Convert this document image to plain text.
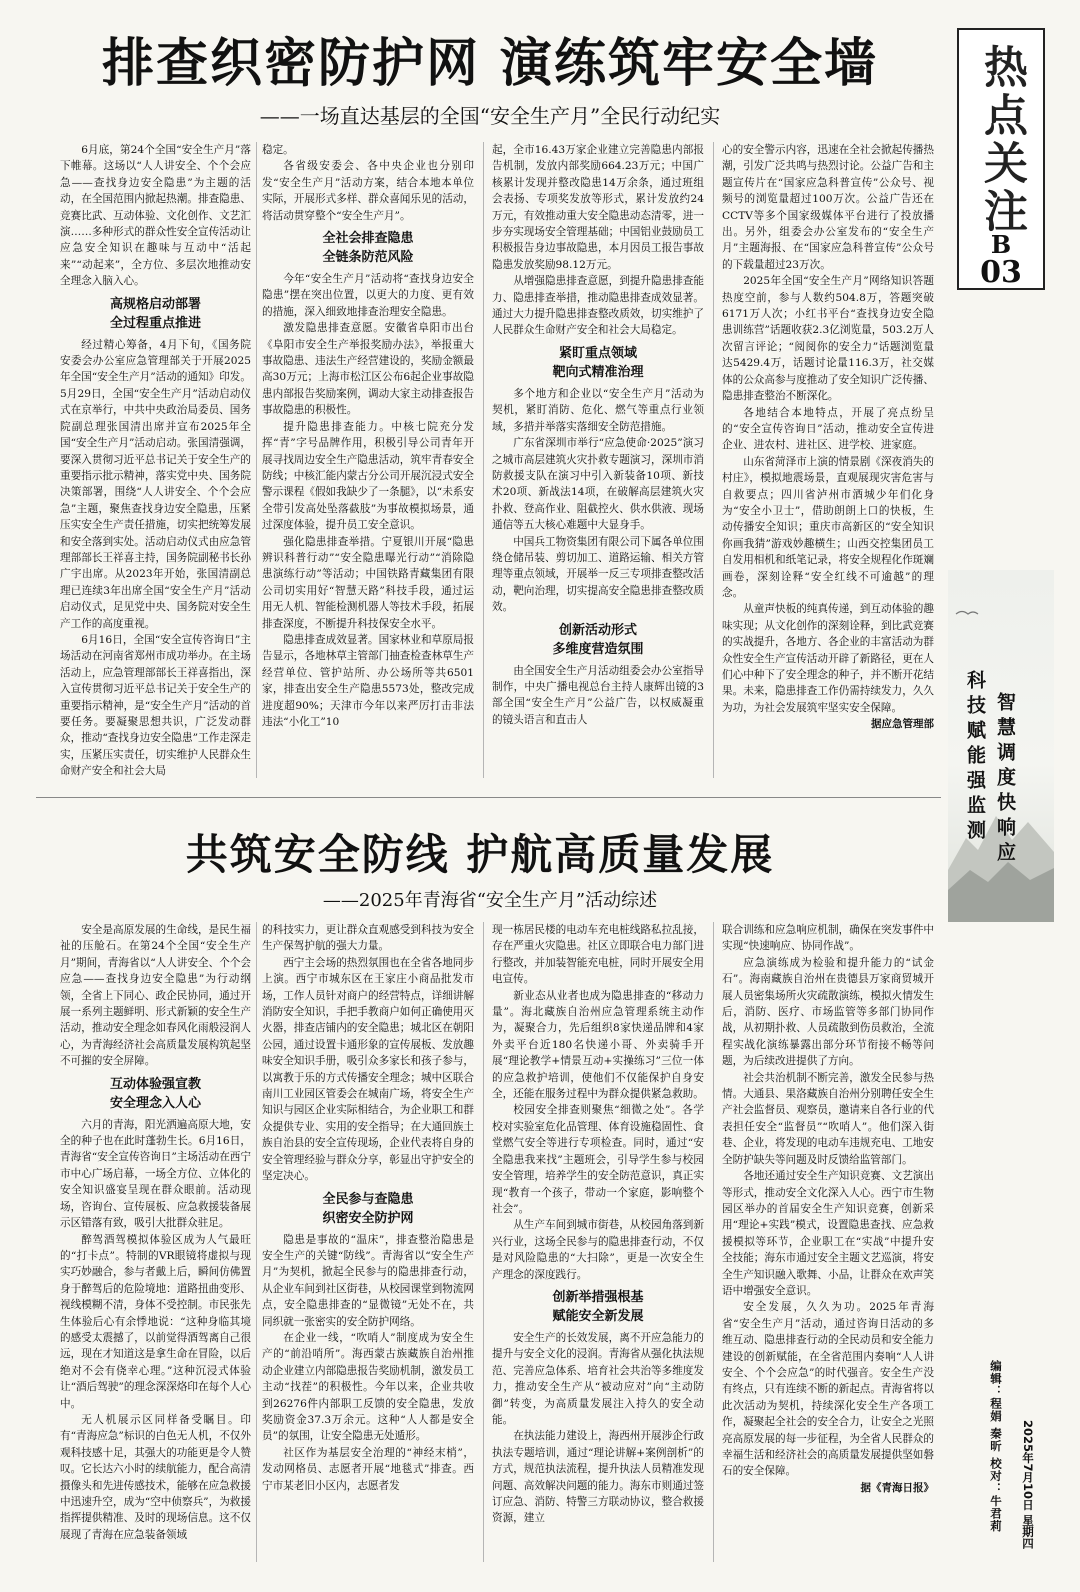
热点关注
B
03
排查织密防护网 演练筑牢安全墙
——一场直达基层的全国“安全生产月”全民行动纪实

6月底，第24个全国“安全生产月”落下帷幕。这场以“人人讲安全、个个会应急——查找身边安全隐患”为主题的活动，在全国范围内掀起热潮。排查隐患、竞赛比武、互动体验、文化创作、文艺汇演……多种形式的群众性安全宣传活动让应急安全知识在趣味与互动中“活起来”“动起来”，全方位、多层次地推动安全理念入脑入心。

高规格启动部署
全过程重点推进

经过精心筹备，4月下旬，《国务院安委会办公室应急管理部关于开展2025年全国“安全生产月”活动的通知》印发。5月29日，全国“安全生产月”活动启动仪式在京举行，中共中央政治局委员、国务院副总理张国清出席并宣布2025年全国“安全生产月”活动启动。张国清强调，要深入贯彻习近平总书记关于安全生产的重要指示批示精神，落实党中央、国务院决策部署，围绕“人人讲安全、个个会应急”主题，聚焦查找身边安全隐患，压紧压实安全生产责任措施，切实把统筹发展和安全落到实处。活动启动仪式由应急管理部部长王祥喜主持，国务院副秘书长孙广宇出席。从2023年开始，张国清副总理已连续3年出席全国“安全生产月”活动启动仪式，足见党中央、国务院对安全生产工作的高度重视。

6月16日，全国“安全宣传咨询日”主场活动在河南省郑州市成功举办。在主场活动上，应急管理部部长王祥喜指出，深入宣传贯彻习近平总书记关于安全生产的重要指示精神，是“安全生产月”活动的首要任务。要凝聚思想共识，广泛发动群众，推动“查找身边安全隐患”工作走深走实，压紧压实责任，切实维护人民群众生命财产安全和社会大局

稳定。

各省级安委会、各中央企业也分别印发“安全生产月”活动方案，结合本地本单位实际，开展形式多样、群众喜闻乐见的活动，将活动贯穿整个“安全生产月”。

全社会排查隐患
全链条防范风险

今年“安全生产月”活动将“查找身边安全隐患”摆在突出位置，以更大的力度、更有效的措施，深入细致地排查治理安全隐患。

激发隐患排查意愿。安徽省阜阳市出台《阜阳市安全生产举报奖励办法》，举报重大事故隐患、违法生产经营建设的，奖励金额最高30万元；上海市松江区公布6起企业事故隐患内部报告奖励案例，调动大家主动排查报告事故隐患的积极性。

提升隐患排查能力。中核七院充分发挥“青”字号品牌作用，积极引导公司青年开展寻找周边安全生产隐患活动，筑牢青春安全防线；中核汇能内蒙古分公司开展沉浸式安全警示课程《假如我缺少了一条腿》，以“未系安全带引发高处坠落截肢”为事故模拟场景，通过深度体验，提升员工安全意识。

强化隐患排查举措。宁夏银川开展“隐患辨识科普行动”“安全隐患曝光行动”“消除隐患演练行动”等活动；中国铁路青藏集团有限公司切实用好“智慧天路”科技手段，通过运用无人机、智能检测机器人等技术手段，拓展排查深度，不断提升科技保安全水平。

隐患排查成效显著。国家林业和草原局报告显示，各地林草主管部门抽查检查林草生产经营单位、管护站所、办公场所等共6501家，排查出安全生产隐患5573处，整改完成进度超90%；天津市今年以来严厉打击非法违法“小化工”10

起，全市16.43万家企业建立完善隐患内部报告机制，发放内部奖励664.23万元；中国广核累计发现并整改隐患14万余条，通过班组会表扬、专项奖发放等形式，累计发放约24万元，有效推动重大安全隐患动态清零，进一步夯实现场安全管理基础；中国铝业鼓励员工积极报告身边事故隐患，本月因员工报告事故隐患发放奖励98.12万元。

从增强隐患排查意愿，到提升隐患排查能力、隐患排查举措，推动隐患排查成效显著。通过大力提升隐患排查整改质效，切实维护了人民群众生命财产安全和社会大局稳定。

紧盯重点领域
靶向式精准治理

多个地方和企业以“安全生产月”活动为契机，紧盯消防、危化、燃气等重点行业领域，多措并举落实落细安全防范措施。

广东省深圳市举行“应急使命·2025”演习之城市高层建筑火灾扑救专题演习，深圳市消防救援支队在演习中引入新装备10项、新技术20项、新战法14项，在破解高层建筑火灾扑救、登高作业、阻截控火、供水供液、现场通信等五大核心难题中大显身手。

中国兵工物资集团有限公司下属各单位围绕仓储吊装、剪切加工、道路运输、相关方管理等重点领域，开展举一反三专项排查整改活动，靶向治理，切实提高安全隐患排查整改质效。

创新活动形式
多维度营造氛围

由全国安全生产月活动组委会办公室指导制作，中央广播电视总台主持人康辉出镜的3部全国“安全生产月”公益广告，以权威凝重的镜头语言和直击人

心的安全警示内容，迅速在全社会掀起传播热潮，引发广泛共鸣与热烈讨论。公益广告和主题宣传片在“国家应急科普宣传”公众号、视频号的浏览量超过100万次。公益广告还在CCTV等多个国家级媒体平台进行了投放播出。另外，组委会办公室发布的“安全生产月”主题海报、在“国家应急科普宣传”公众号的下载量超过23万次。

2025年全国“安全生产月”网络知识答题热度空前，参与人数约504.8万，答题突破6171万人次；小红书平台“查找身边安全隐患训练营”话题收获2.3亿浏览量，503.2万人次留言评论；“阅阅你的安全力”话题浏览量达5429.4万，话题讨论量116.3万，社交媒体的公众高参与度推动了安全知识广泛传播、隐患排查整治不断深化。

各地结合本地特点，开展了亮点纷呈的“安全宣传咨询日”活动，推动安全宣传进企业、进农村、进社区、进学校、进家庭。

山东省菏泽市上演的情景剧《深夜消失的村庄》，模拟地震场景，直观展现灾害危害与自救要点；四川省泸州市酒城少年们化身为“安全小卫士”，借助朗朗上口的快板，生动传播安全知识；重庆市高新区的“安全知识你画我猜”游戏妙趣横生；山西交控集团员工自发用相机和纸笔记录，将安全规程化作斑斓画卷，深刻诠释“安全红线不可逾越”的理念。

从童声快板的纯真传递，到互动体验的趣味实现；从文化创作的深刻诠释，到比武竞赛的实战提升，各地方、各企业的丰富活动为群众性安全生产宣传活动开辟了新路径，更在人们心中种下了安全理念的种子，并不断开花结果。未来，隐患排查工作仍需持续发力，久久为功，为社会发展筑牢坚实安全保障。

据应急管理部 科技赋能强监测 智慧调度快响应
共筑安全防线 护航高质量发展
——2025年青海省“安全生产月”活动综述

安全是高原发展的生命线，是民生福祉的压舱石。在第24个全国“安全生产月”期间，青海省以“人人讲安全、个个会应急——查找身边安全隐患”为行动纲领，全省上下同心、政企民协同，通过开展一系列主题鲜明、形式新颖的安全生产活动，推动安全理念如春风化雨般浸润人心，为青海经济社会高质量发展构筑起坚不可摧的安全屏障。

互动体验强宣教
安全理念入人心

六月的青海，阳光洒遍高原大地，安全的种子也在此时蓬勃生长。6月16日，青海省“安全宣传咨询日”主场活动在西宁市中心广场启幕，一场全方位、立体化的安全知识盛宴呈现在群众眼前。活动现场，咨询台、宣传展板、应急救援装备展示区错落有致，吸引大批群众驻足。

醉驾酒驾模拟体验区成为人气最旺的“打卡点”。特制的VR眼镜将虚拟与现实巧妙融合，参与者戴上后，瞬间仿佛置身于醉驾后的危险境地：道路扭曲变形、视线模糊不清，身体不受控制。市民张先生体验后心有余悸地说：“这种身临其境的感受太震撼了，以前觉得酒驾离自己很远，现在才知道这是拿生命在冒险，以后绝对不会有侥幸心理。”这种沉浸式体验让“酒后驾驶”的理念深深烙印在每个人心中。

无人机展示区同样备受瞩目。印有“青海应急”标识的白色无人机，不仅外观科技感十足，其强大的功能更是令人赞叹。它长达六小时的续航能力，配合高清摄像头和先进传感技术，能够在应急救援中迅速升空，成为“空中侦察兵”，为救援指挥提供精准、及时的现场信息。这不仅展现了青海在应急装备领域

的科技实力，更让群众直观感受到科技为安全生产保驾护航的强大力量。

西宁主会场的热烈氛围也在全省各地同步上演。西宁市城东区在王家庄小商品批发市场，工作人员针对商户的经营特点，详细讲解消防安全知识，手把手教商户如何正确使用灭火器，排查店铺内的安全隐患；城北区在朝阳公园，通过设置卡通形象的宣传展板、发放趣味安全知识手册，吸引众多家长和孩子参与，以寓教于乐的方式传播安全理念；城中区联合南川工业园区管委会在城南广场，将安全生产知识与园区企业实际相结合，为企业职工和群众提供专业、实用的安全指导；在大通回族土族自治县的安全宣传现场，企业代表将自身的安全管理经验与群众分享，彰显出守护安全的坚定决心。

全民参与查隐患
织密安全防护网

隐患是事故的“温床”，排查整治隐患是安全生产的关键“防线”。青海省以“安全生产月”为契机，掀起全民参与的隐患排查行动，从企业车间到社区街巷，从校园课堂到物流网点，安全隐患排查的“显微镜”无处不在，共同织就一张密实的安全防护网络。

在企业一线，“吹哨人”制度成为安全生产的“前沿哨所”。海西蒙古族藏族自治州推动企业建立内部隐患报告奖励机制，激发员工主动“找茬”的积极性。今年以来，企业共收到26276件内部职工反馈的安全隐患，发放奖励资金37.3万余元。这种“人人都是安全员”的氛围，让安全隐患无处遁形。

社区作为基层安全治理的“神经末梢”，发动网格员、志愿者开展“地毯式”排查。西宁市某老旧小区内，志愿者发

现一栋居民楼的电动车充电桩线路私拉乱接，存在严重火灾隐患。社区立即联合电力部门进行整改，并加装智能充电桩，同时开展安全用电宣传。

新业态从业者也成为隐患排查的“移动力量”。海北藏族自治州应急管理系统主动作为，凝聚合力，先后组织8家快递品牌和4家外卖平台近180名快递小哥、外卖骑手开展“理论教学+情景互动+实操练习”三位一体的应急救护培训，使他们不仅能保护自身安全，还能在服务过程中为群众提供紧急救助。

校园安全排查则聚焦“细微之处”。各学校对实验室危化品管理、体育设施稳固性、食堂燃气安全等进行专项检查。同时，通过“安全隐患我来找”主题班会，引导学生参与校园安全管理，培养学生的安全防范意识，真正实现“教育一个孩子，带动一个家庭，影响整个社会”。

从生产车间到城市街巷，从校园角落到新兴行业，这场全民参与的隐患排查行动，不仅是对风险隐患的“大扫除”，更是一次安全生产理念的深度践行。

创新举措强根基
赋能安全新发展

安全生产的长效发展，离不开应急能力的提升与安全文化的浸润。青海省从强化执法规范、完善应急体系、培育社会共治等多维度发力，推动安全生产从“被动应对”向“主动防御”转变，为高质量发展注入持久的安全动能。

在执法能力建设上，海西州开展涉企行政执法专题培训，通过“理论讲解+案例剖析”的方式，规范执法流程，提升执法人员精准发现问题、高效解决问题的能力。海东市则通过签订应急、消防、特警三方联动协议，整合救援资源，建立

联合训练和应急响应机制，确保在突发事件中实现“快速响应、协同作战”。

应急演练成为检验和提升能力的“试金石”。海南藏族自治州在贵德县万家商贸城开展人员密集场所火灾疏散演练，模拟火情发生后，消防、医疗、市场监管等多部门协同作战，从初期扑救、人员疏散到伤员救治，全流程实战化演练暴露出部分环节衔接不畅等问题，为后续改进提供了方向。

社会共治机制不断完善，激发全民参与热情。大通县、果洛藏族自治州分别聘任安全生产社会监督员、观察员，邀请来自各行业的代表担任安全“监督员”“吹哨人”。他们深入街巷、企业，将发现的电动车违规充电、工地安全防护缺失等问题及时反馈给监管部门。

各地还通过安全生产知识竞赛、文艺演出等形式，推动安全文化深入人心。西宁市生物园区举办的首届安全生产知识竞赛，创新采用“理论+实践”模式，设置隐患查找、应急救援模拟等环节，企业职工在“实战”中提升安全技能；海东市通过安全主题文艺巡演，将安全生产知识融入歌舞、小品，让群众在欢声笑语中增强安全意识。

安全发展，久久为功。2025年青海省“安全生产月”活动，通过咨询日活动的多维互动、隐患排查行动的全民动员和安全能力建设的创新赋能，在全省范围内奏响“人人讲安全、个个会应急”的时代强音。安全生产没有终点，只有连续不断的新起点。青海省将以此次活动为契机，持续深化安全生产各项工作，凝聚起全社会的安全合力，让安全之光照亮高原发展的每一步征程，为全省人民群众的幸福生活和经济社会的高质量发展提供坚如磐石的安全保障。

据《青海日报》	2025年7月10日 星期四
编辑：程娟 秦昕 校对：牛君莉
